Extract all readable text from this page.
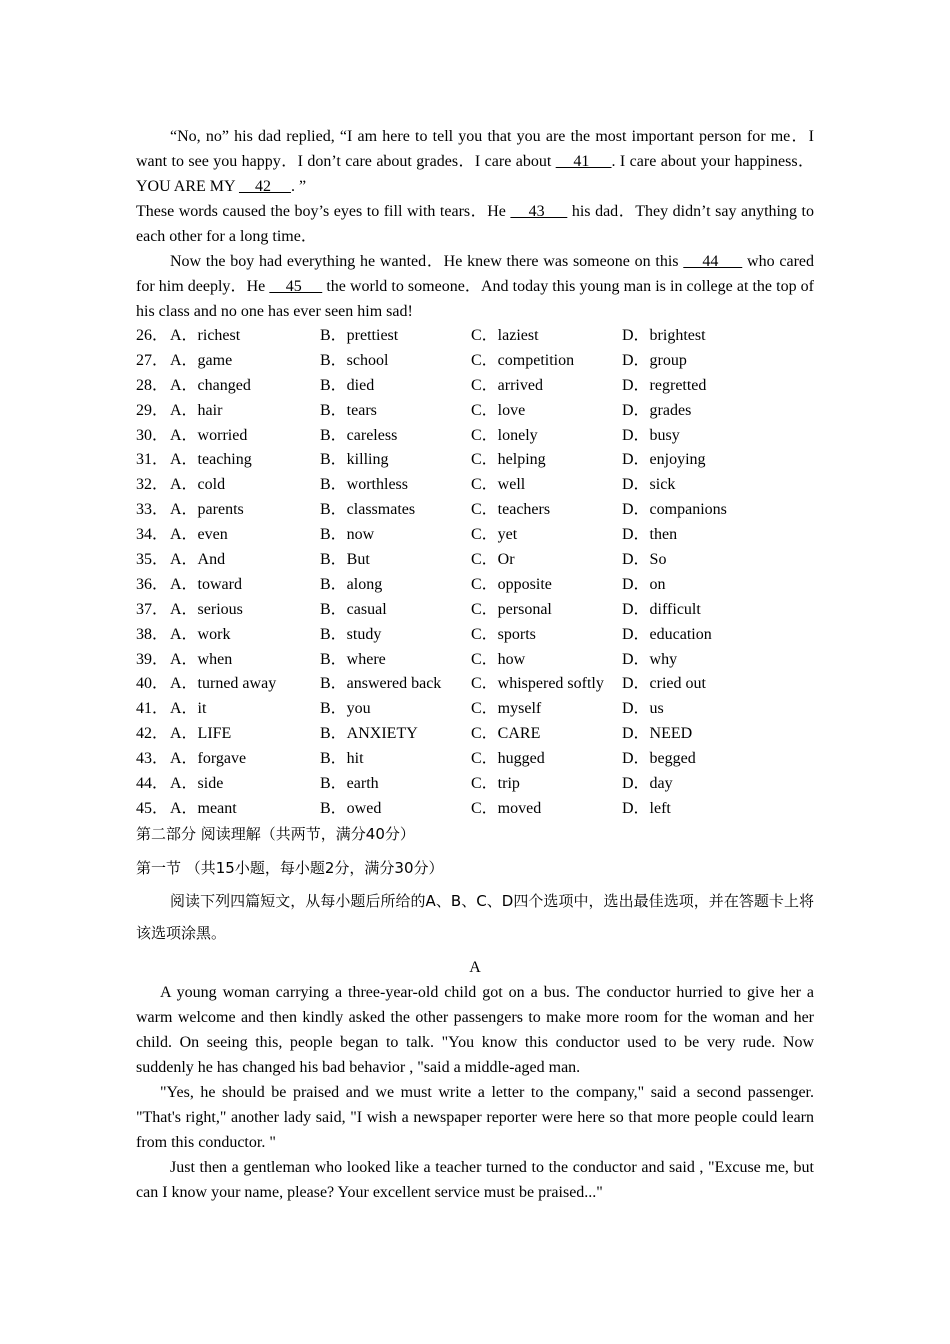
“No, no” his dad replied, “I am here to tell you that you are the most important person for me．I want to see you happy．I don’t care about grades．I care about     41     . I care about your happiness．YOU ARE MY     42     . ”

These words caused the boy’s eyes to fill with tears．He     43      his dad．They didn’t say anything to each other for a long time．

Now the boy had everything he wanted．He knew there was someone on this     44      who cared for him deeply．He     45      the world to someone．And today this young man is in college at the top of his class and no one has ever seen him sad!

26． A．richest	B．prettiest	C．laziest	D．brightest
27． A．game	B．school	C．competition	D．group
28． A．changed	B．died	C．arrived	D．regretted
29． A．hair	B．tears	C．love	D．grades
30． A．worried	B．careless	C．lonely	D．busy
31． A．teaching	B．killing	C．helping	D．enjoying
32． A．cold	B．worthless	C．well	D．sick
33． A．parents	B．classmates	C．teachers	D．companions
34． A．even	B．now	C．yet	D．then
35． A．And	B．But	C．Or	D．So
36． A．toward	B．along	C．opposite	D．on
37． A．serious	B．casual	C．personal	D．difficult
38． A．work	B．study	C．sports	D．education
39． A．when	B．where	C．how	D．why
40． A．turned away	B．answered back	C．whispered softly	D．cried out
41． A．it	B．you	C．myself	D．us
42． A．LIFE	B．ANXIETY	C．CARE	D．NEED
43． A．forgave	B．hit	C．hugged	D．begged
44． A．side	B．earth	C．trip	D．day
45． A．meant	B．owed	C．moved	D．left
第二部分 阅读理解（共两节，满分40分）
第一节 （共15小题，每小题2分，满分30分）
阅读下列四篇短文，从每小题后所给的A、B、C、D四个选项中，选出最佳选项，并在答题卡上将该选项涂黑。
A

A young woman carrying a three-year-old child got on a bus. The conductor hurried to give her a warm welcome and then kindly asked the other passengers to make more room for the woman and her child. On seeing this, people began to talk. "You know this conductor used to be very rude. Now suddenly he has changed his bad behavior , "said a middle-aged man.

"Yes, he should be praised and we must write a letter to the company," said a second passenger. "That's right," another lady said, "I wish a newspaper reporter were here so that more people could learn from this conductor. "

Just then a gentleman who looked like a teacher turned to the conductor and said , "Excuse me, but can I know your name, please? Your excellent service must be praised..."
